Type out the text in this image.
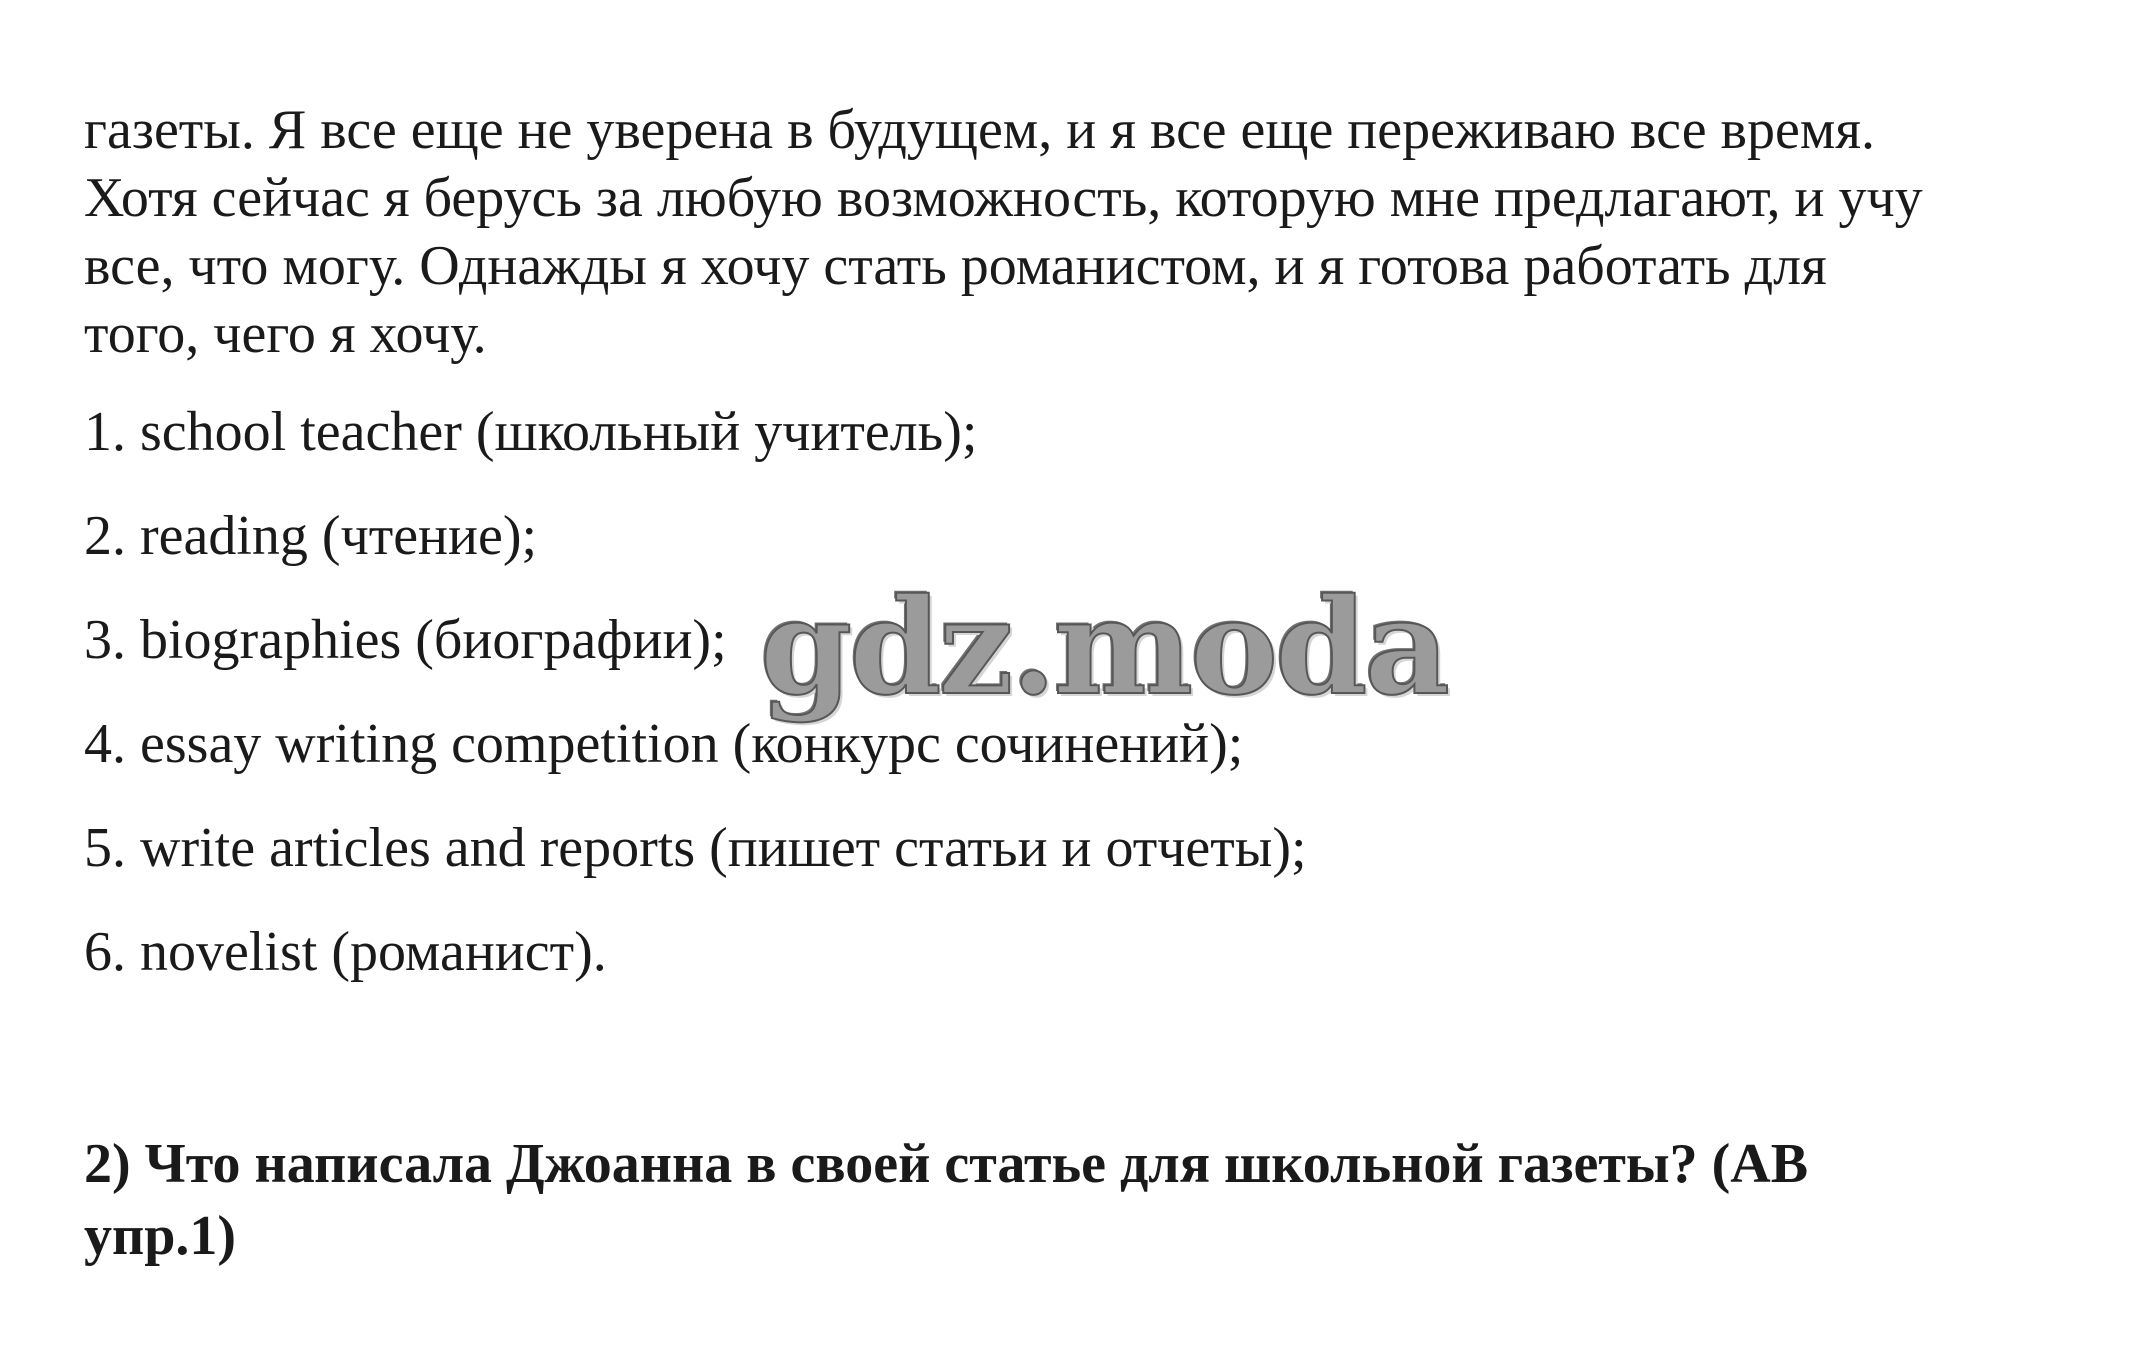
газеты. Я все еще не уверена в будущем, и я все еще переживаю все время.
Хотя сейчас я берусь за любую возможность, которую мне предлагают, и учу
все, что могу. Однажды я хочу стать романистом, и я готова работать для
того, чего я хочу.

1. school teacher (школьный учитель);
2. reading (чтение);
3. biographies (биографии);
4. essay writing competition (конкурс сочинений);
5. write articles and reports (пишет статьи и отчеты);
6. novelist (романист).
gdz.moda

2) Что написала Джоанна в своей статье для школьной газеты? (AB
упр.1)
